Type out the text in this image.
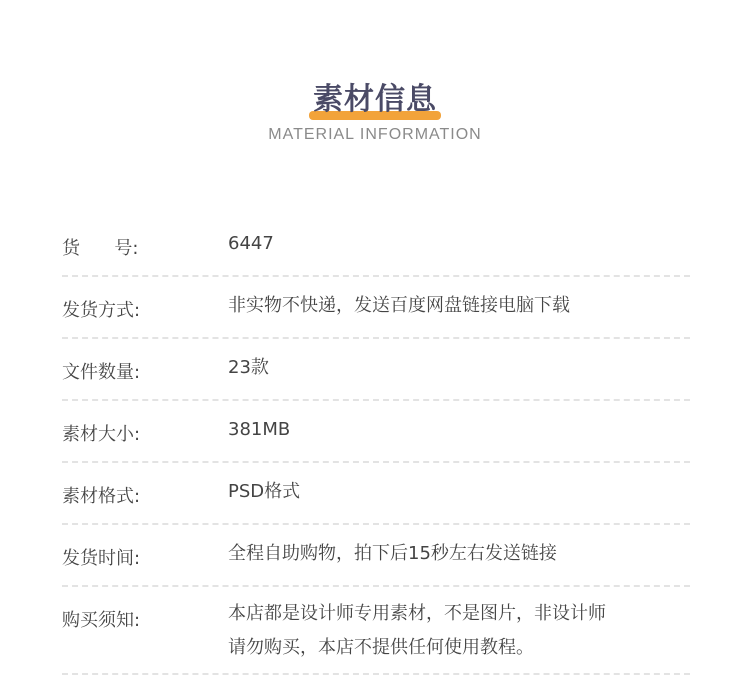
素材信息
MATERIAL INFORMATION
货      号:	6447
发货方式:	非实物不快递，发送百度网盘链接电脑下载
文件数量:	23款
素材大小:	381MB
素材格式:	PSD格式
发货时间:	全程自助购物，拍下后15秒左右发送链接
购买须知:	本店都是设计师专用素材，不是图片，非设计师
请勿购买，本店不提供任何使用教程。
